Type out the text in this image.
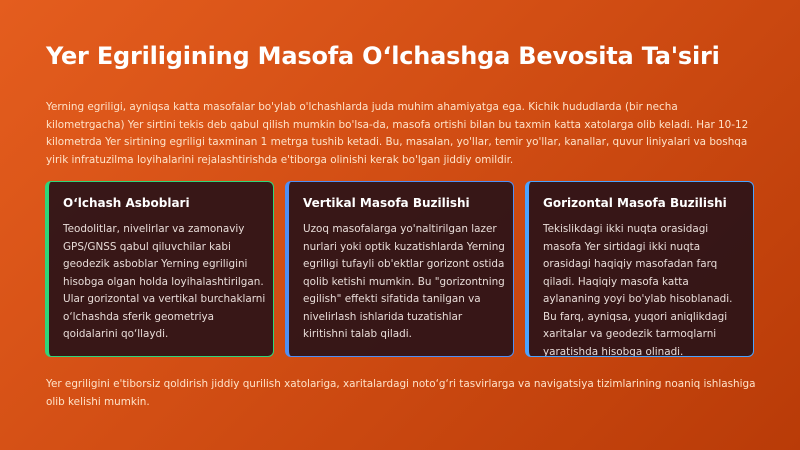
Yer Egriligining Masofa O‘lchashga Bevosita Ta'siri

Yerning egriligi, ayniqsa katta masofalar bo'ylab o'lchashlarda juda muhim ahamiyatga ega. Kichik hududlarda (bir necha kilometrgacha) Yer sirtini tekis deb qabul qilish mumkin bo'lsa-da, masofa ortishi bilan bu taxmin katta xatolarga olib keladi. Har 10-12 kilometrda Yer sirtining egriligi taxminan 1 metrga tushib ketadi. Bu, masalan, yo'llar, temir yo'llar, kanallar, quvur liniyalari va boshqa yirik infratuzilma loyihalarini rejalashtirishda e'tiborga olinishi kerak bo'lgan jiddiy omildir.

O‘lchash Asboblari

Teodolitlar, nivelirlar va zamonaviy GPS/GNSS qabul qiluvchilar kabi geodezik asboblar Yerning egriligini hisobga olgan holda loyihalashtirilgan. Ular gorizontal va vertikal burchaklarni o‘lchashda sferik geometriya qoidalarini qo‘llaydi.

Vertikal Masofa Buzilishi

Uzoq masofalarga yo'naltirilgan lazer nurlari yoki optik kuzatishlarda Yerning egriligi tufayli ob'ektlar gorizont ostida qolib ketishi mumkin. Bu "gorizontning egilish" effekti sifatida tanilgan va nivelirlash ishlarida tuzatishlar kiritishni talab qiladi.

Gorizontal Masofa Buzilishi

Tekislikdagi ikki nuqta orasidagi masofa Yer sirtidagi ikki nuqta orasidagi haqiqiy masofadan farq qiladi. Haqiqiy masofa katta aylananing yoyi bo'ylab hisoblanadi. Bu farq, ayniqsa, yuqori aniqlikdagi xaritalar va geodezik tarmoqlarni yaratishda hisobga olinadi.

Yer egriligini e'tiborsiz qoldirish jiddiy qurilish xatolariga, xaritalardagi noto‘g‘ri tasvirlarga va navigatsiya tizimlarining noaniq ishlashiga olib kelishi mumkin.
